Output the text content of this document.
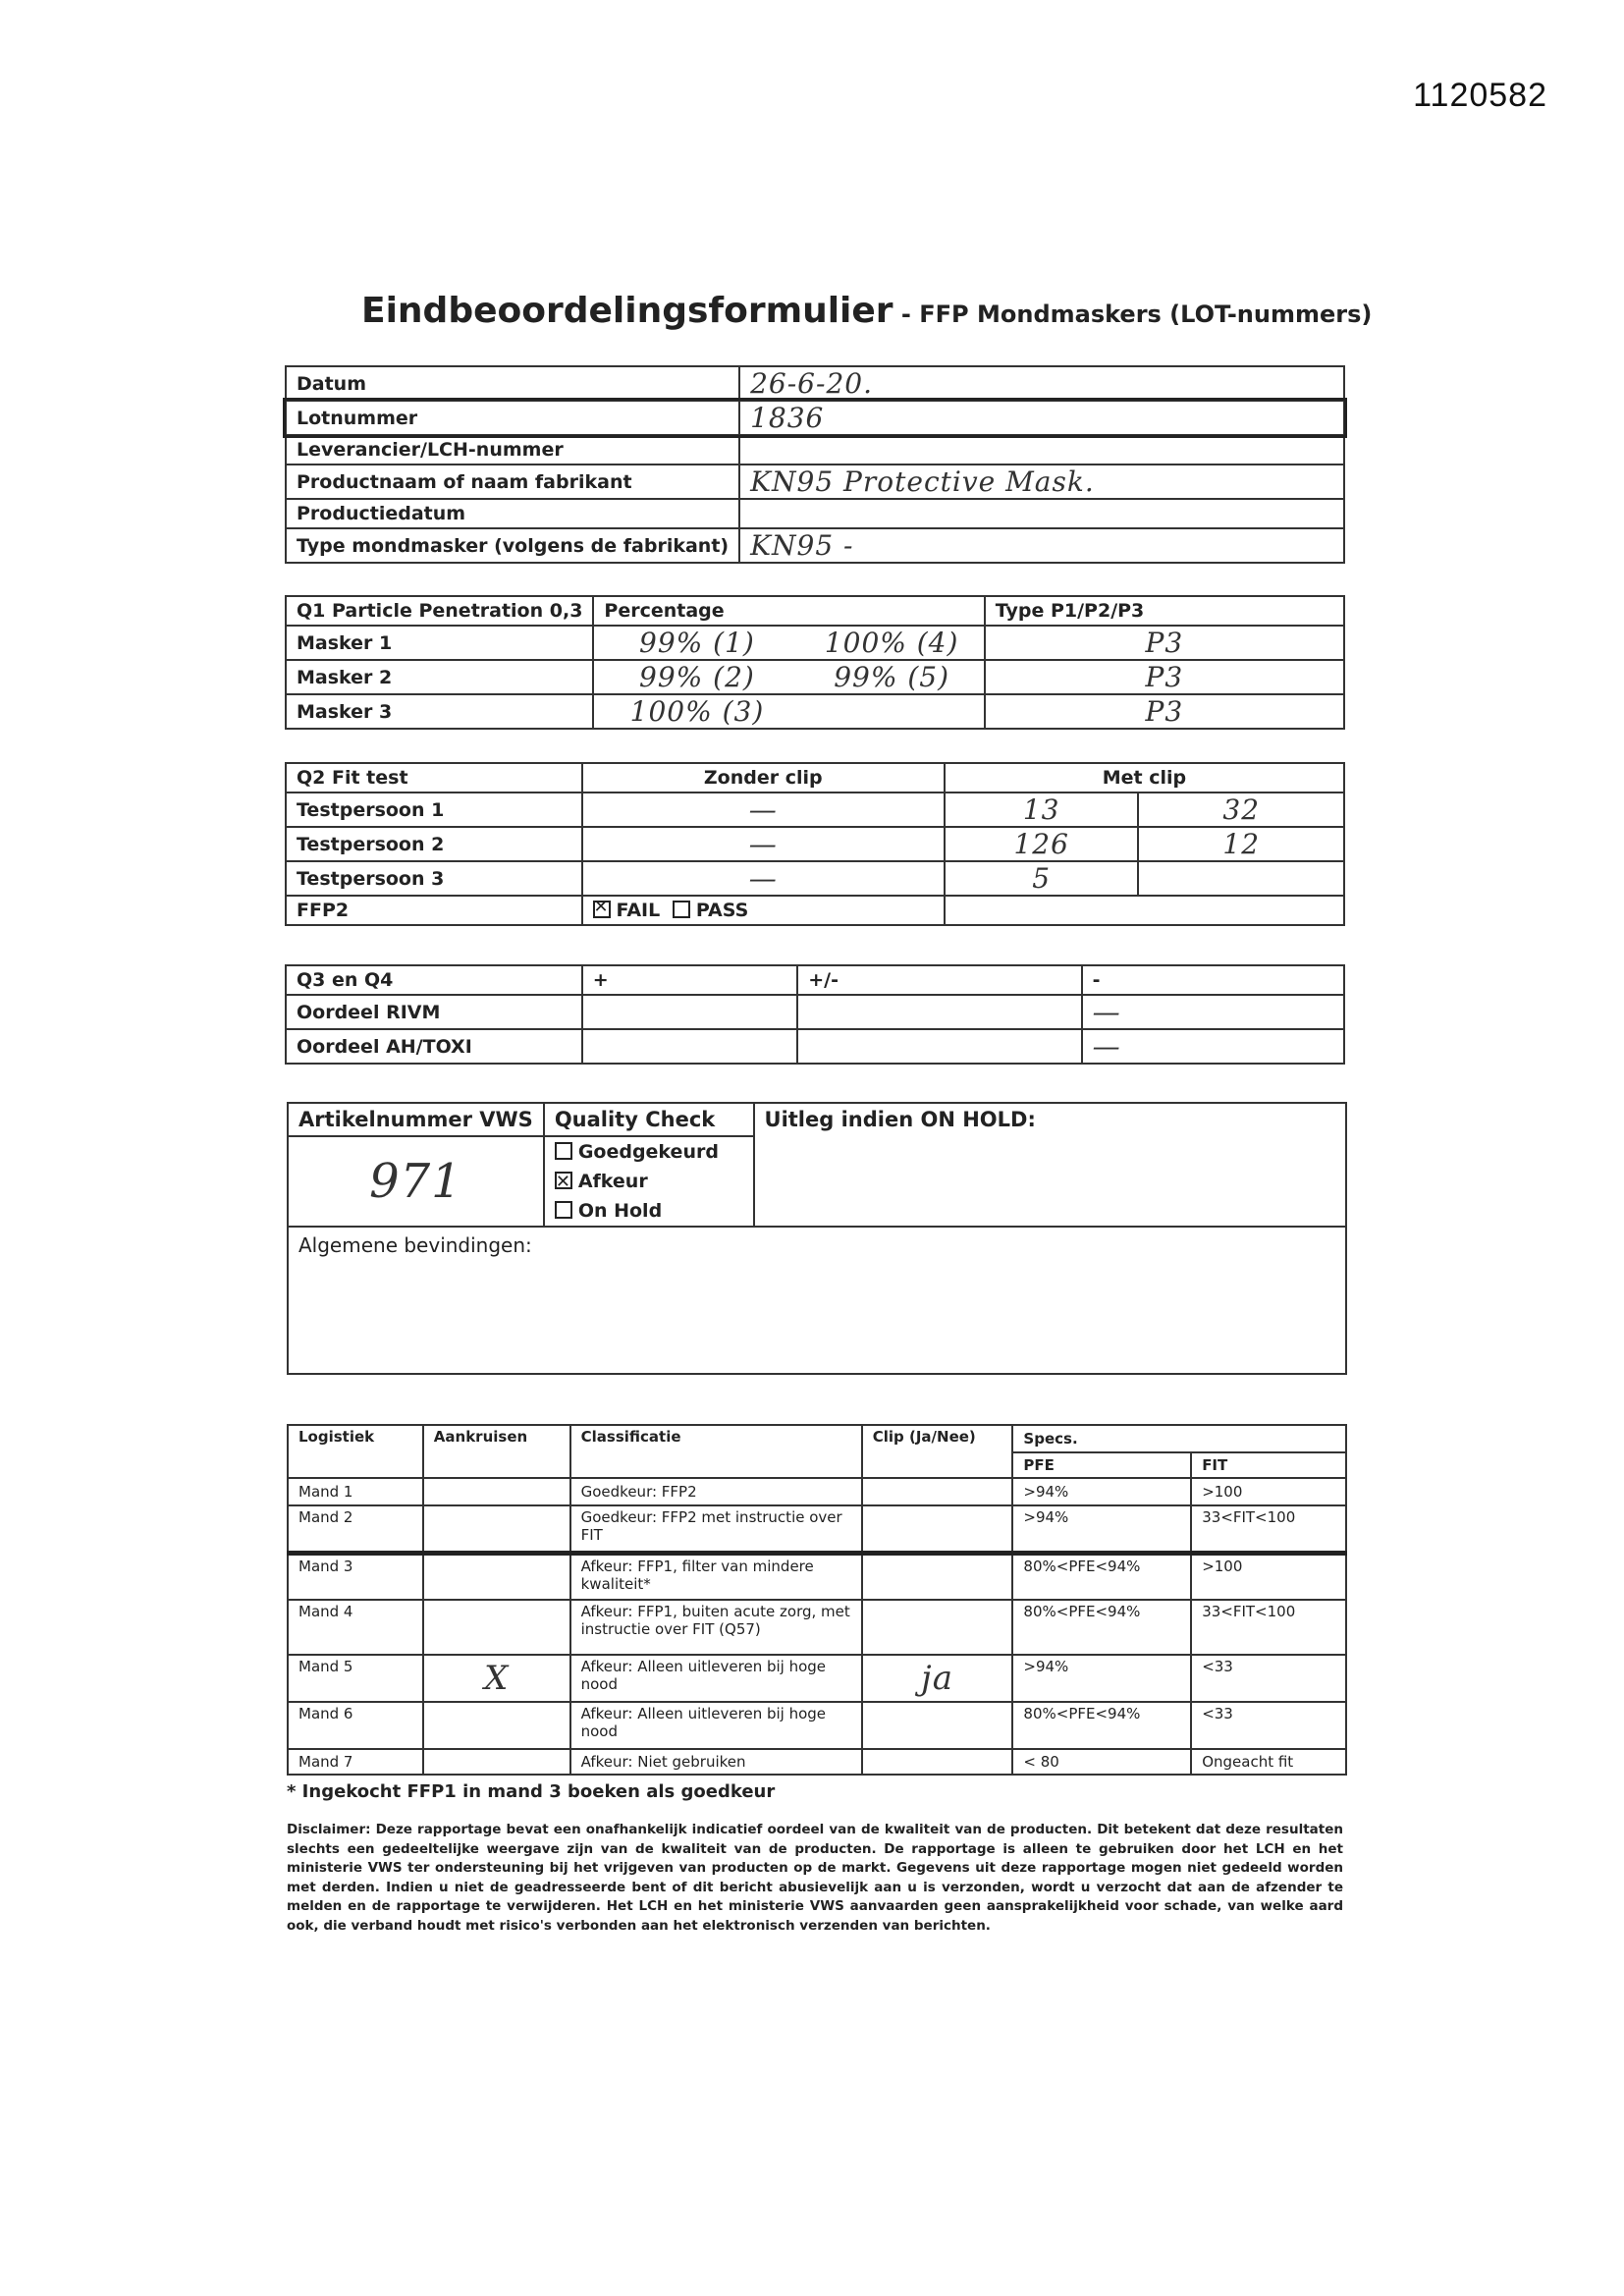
1120582
Eindbeoordelingsformulier - FFP Mondmaskers (LOT-nummers)
Datum	26-6-20.
Lotnummer	1836
Leverancier/LCH-nummer	
Productnaam of naam fabrikant	KN95 Protective Mask.
Productiedatum	
Type mondmasker (volgens de fabrikant)	KN95 -
Q1 Particle Penetration 0,3	Percentage		Type P1/P2/P3
Masker 1	99% (1)	100% (4)	P3
Masker 2	99% (2)	99% (5)	P3
Masker 3	100% (3)		P3
Q2 Fit test	Zonder clip	Met clip	
Testpersoon 1	—	13	32
Testpersoon 2	—	126	12
Testpersoon 3	—	5	
FFP2	✕FAIL PASS	
Q3 en Q4	+	+/-	-
Oordeel RIVM			—
Oordeel AH/TOXI			—
Artikelnummer VWS	Quality Check	Uitleg indien ON HOLD:
971	Goedgekeurd
✕Afkeur
On Hold

Algemene bevindingen:		
Logistiek	Aankruisen	Classificatie	Clip (Ja/Nee)	Specs.	
				PFE	FIT
Mand 1		Goedkeur: FFP2		>94%	>100
Mand 2		Goedkeur: FFP2 met instructie over FIT		>94%	33<FIT<100
Mand 3		Afkeur: FFP1, filter van mindere kwaliteit*		80%<PFE<94%	>100
Mand 4		Afkeur: FFP1, buiten acute zorg, met instructie over FIT (Q57)		80%<PFE<94%	33<FIT<100
Mand 5	X	Afkeur: Alleen uitleveren bij hoge nood	ja	>94%	<33
Mand 6		Afkeur: Alleen uitleveren bij hoge nood		80%<PFE<94%	<33
Mand 7		Afkeur: Niet gebruiken		< 80	Ongeacht fit
* Ingekocht FFP1 in mand 3 boeken als goedkeur
Disclaimer: Deze rapportage bevat een onafhankelijk indicatief oordeel van de kwaliteit van de producten. Dit betekent dat deze resultaten slechts een gedeeltelijke weergave zijn van de kwaliteit van de producten. De rapportage is alleen te gebruiken door het LCH en het ministerie VWS ter ondersteuning bij het vrijgeven van producten op de markt. Gegevens uit deze rapportage mogen niet gedeeld worden met derden. Indien u niet de geadresseerde bent of dit bericht abusievelijk aan u is verzonden, wordt u verzocht dat aan de afzender te melden en de rapportage te verwijderen. Het LCH en het ministerie VWS aanvaarden geen aansprakelijkheid voor schade, van welke aard ook, die verband houdt met risico's verbonden aan het elektronisch verzenden van berichten.
